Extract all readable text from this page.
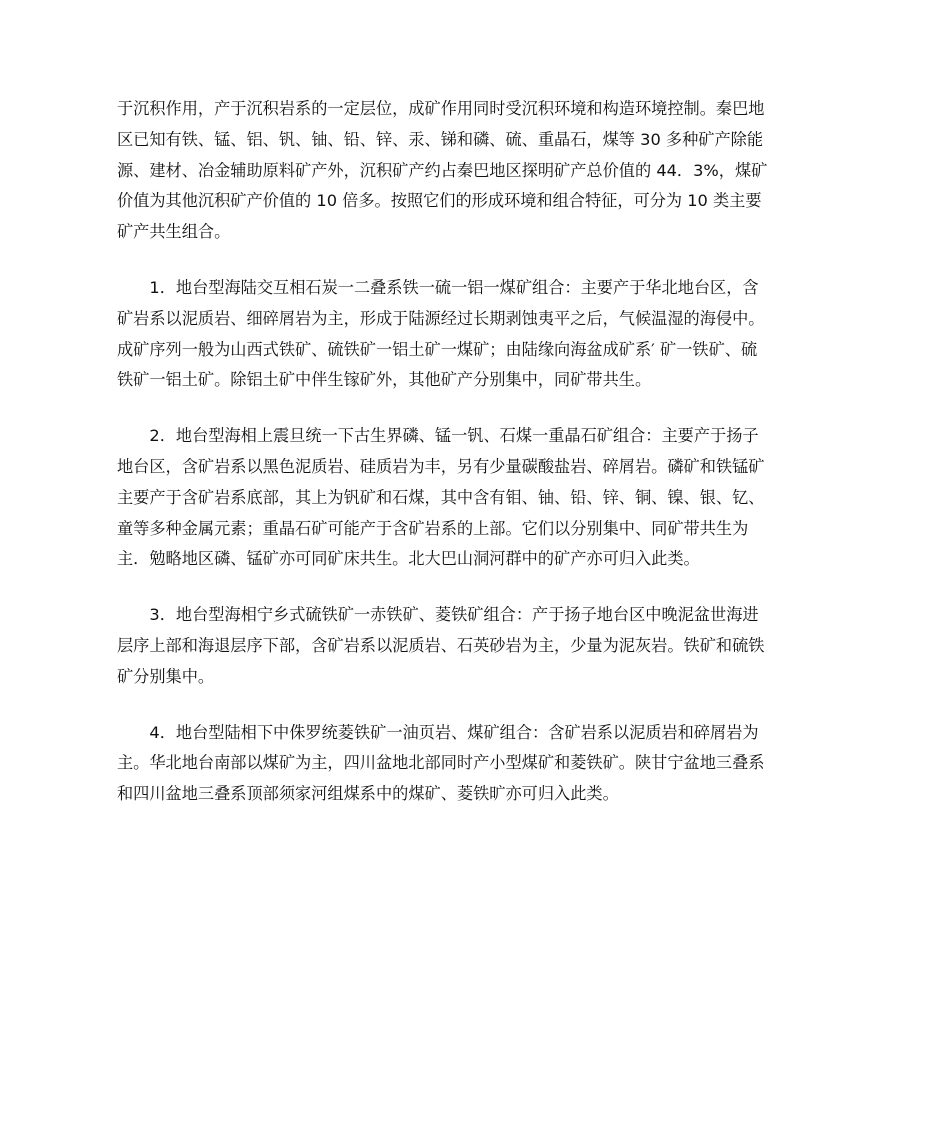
于沉积作用，产于沉积岩系的一定层位，成矿作用同时受沉积环境和构造环境控制。秦巴地
区已知有铁、锰、铝、钒、铀、铅、锌、汞、锑和磷、硫、重晶石，煤等 30 多种矿产除能
源、建材、冶金辅助原料矿产外，沉积矿产约占秦巴地区探明矿产总价值的 44．3%，煤矿
价值为其他沉积矿产价值的 10 倍多。按照它们的形成环境和组合特征，可分为 10 类主要
矿产共生组合。

1．地台型海陆交互相石炭一二叠系铁一硫一铝一煤矿组合：主要产于华北地台区，含
矿岩系以泥质岩、细碎屑岩为主，形成于陆源经过长期剥蚀夷平之后，气候温湿的海侵中。
成矿序列一般为山西式铁矿、硫铁矿一铝土矿一煤矿；由陆缘向海盆成矿系′ 矿一铁矿、硫
铁矿一铝土矿。除铝土矿中伴生镓矿外，其他矿产分别集中，同矿带共生。

2．地台型海相上震旦统一下古生界磷、锰一钒、石煤一重晶石矿组合：主要产于扬子
地台区，含矿岩系以黑色泥质岩、硅质岩为丰，另有少量碳酸盐岩、碎屑岩。磷矿和铁锰矿
主要产于含矿岩系底部，其上为钒矿和石煤，其中含有钼、铀、铅、锌、铜、镍、银、钇、
童等多种金属元素；重晶石矿可能产于含矿岩系的上部。它们以分别集中、同矿带共生为
主．勉略地区磷、锰矿亦可同矿床共生。北大巴山洞河群中的矿产亦可归入此类。

3．地台型海相宁乡式硫铁矿一赤铁矿、菱铁矿组合：产于扬子地台区中晚泥盆世海进
层序上部和海退层序下部，含矿岩系以泥质岩、石英砂岩为主，少量为泥灰岩。铁矿和硫铁
矿分别集中。

4．地台型陆相下中侏罗统菱铁矿一油页岩、煤矿组合：含矿岩系以泥质岩和碎屑岩为
主。华北地台南部以煤矿为主，四川盆地北部同时产小型煤矿和菱铁矿。陕甘宁盆地三叠系
和四川盆地三叠系顶部须家河组煤系中的煤矿、菱铁旷亦可归入此类。
